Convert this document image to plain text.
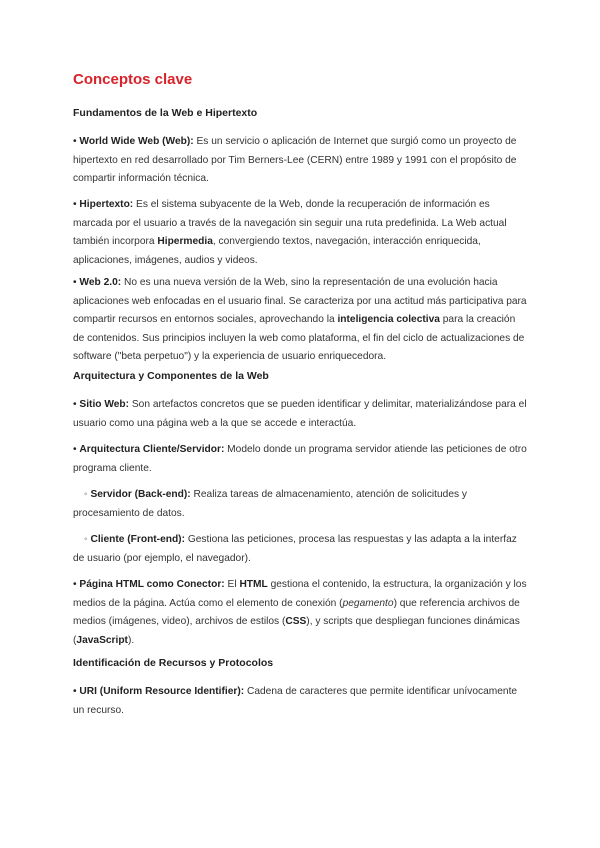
Conceptos clave
Fundamentos de la Web e Hipertexto

• World Wide Web (Web): Es un servicio o aplicación de Internet que surgió como un proyecto de hipertexto en red desarrollado por Tim Berners-Lee (CERN) entre 1989 y 1991 con el propósito de compartir información técnica.

• Hipertexto: Es el sistema subyacente de la Web, donde la recuperación de información es marcada por el usuario a través de la navegación sin seguir una ruta predefinida. La Web actual también incorpora Hipermedia, convergiendo textos, navegación, interacción enriquecida, aplicaciones, imágenes, audios y videos.

• Web 2.0: No es una nueva versión de la Web, sino la representación de una evolución hacia aplicaciones web enfocadas en el usuario final. Se caracteriza por una actitud más participativa para compartir recursos en entornos sociales, aprovechando la inteligencia colectiva para la creación de contenidos. Sus principios incluyen la web como plataforma, el fin del ciclo de actualizaciones de software ("beta perpetuo") y la experiencia de usuario enriquecedora.

Arquitectura y Componentes de la Web

• Sitio Web: Son artefactos concretos que se pueden identificar y delimitar, materializándose para el usuario como una página web a la que se accede e interactúa.

• Arquitectura Cliente/Servidor: Modelo donde un programa servidor atiende las peticiones de otro programa cliente.

◦ Servidor (Back-end): Realiza tareas de almacenamiento, atención de solicitudes y procesamiento de datos.

◦ Cliente (Front-end): Gestiona las peticiones, procesa las respuestas y las adapta a la interfaz de usuario (por ejemplo, el navegador).

• Página HTML como Conector: El HTML gestiona el contenido, la estructura, la organización y los medios de la página. Actúa como el elemento de conexión (pegamento) que referencia archivos de medios (imágenes, video), archivos de estilos (CSS), y scripts que despliegan funciones dinámicas (JavaScript).

Identificación de Recursos y Protocolos

• URI (Uniform Resource Identifier): Cadena de caracteres que permite identificar unívocamente un recurso.
